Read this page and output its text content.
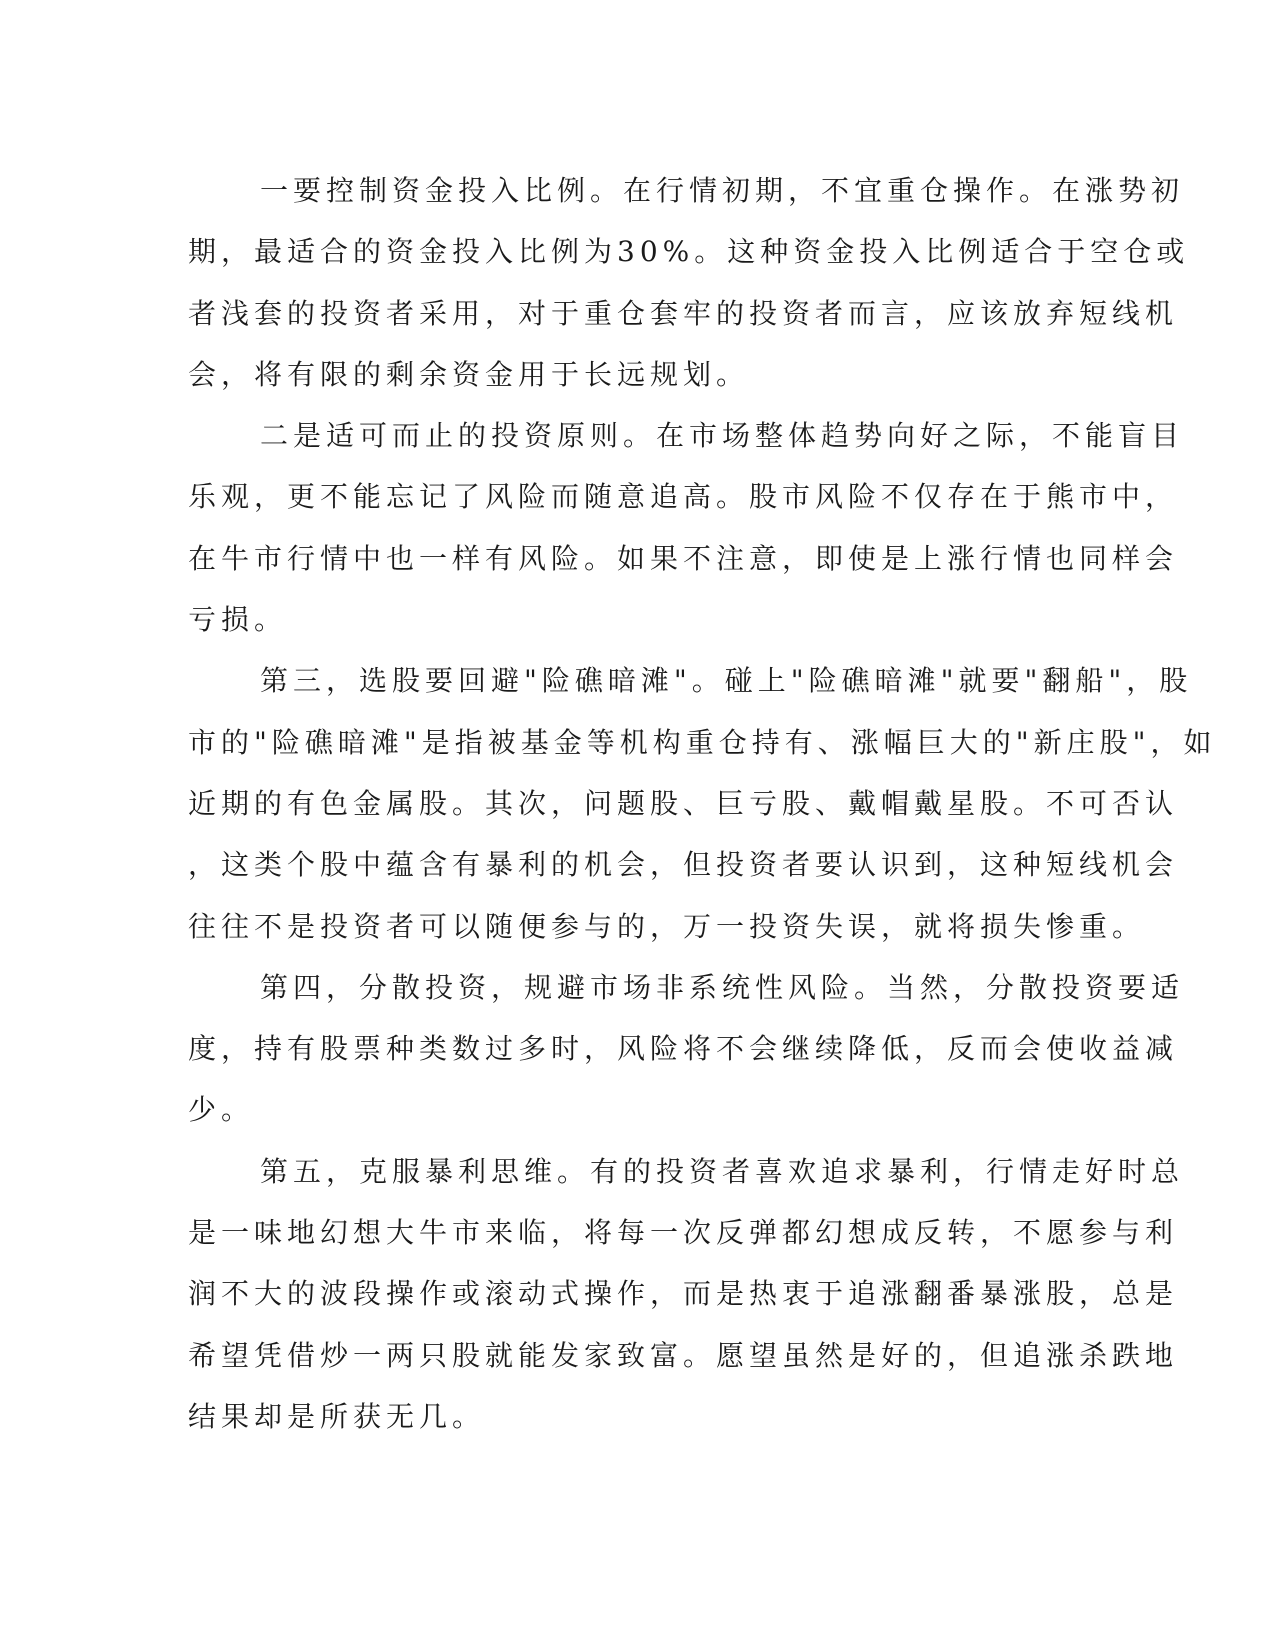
一要控制资金投入比例。在行情初期，不宜重仓操作。在涨势初
期，最适合的资金投入比例为30%。这种资金投入比例适合于空仓或
者浅套的投资者采用，对于重仓套牢的投资者而言，应该放弃短线机
会，将有限的剩余资金用于长远规划。
二是适可而止的投资原则。在市场整体趋势向好之际，不能盲目
乐观，更不能忘记了风险而随意追高。股市风险不仅存在于熊市中，
在牛市行情中也一样有风险。如果不注意，即使是上涨行情也同样会
亏损。
第三，选股要回避"险礁暗滩"。碰上"险礁暗滩"就要"翻船"，股
市的"险礁暗滩"是指被基金等机构重仓持有、涨幅巨大的"新庄股"，如
近期的有色金属股。其次，问题股、巨亏股、戴帽戴星股。不可否认
，这类个股中蕴含有暴利的机会，但投资者要认识到，这种短线机会
往往不是投资者可以随便参与的，万一投资失误，就将损失惨重。
第四，分散投资，规避市场非系统性风险。当然，分散投资要适
度，持有股票种类数过多时，风险将不会继续降低，反而会使收益减
少。
第五，克服暴利思维。有的投资者喜欢追求暴利，行情走好时总
是一味地幻想大牛市来临，将每一次反弹都幻想成反转，不愿参与利
润不大的波段操作或滚动式操作，而是热衷于追涨翻番暴涨股，总是
希望凭借炒一两只股就能发家致富。愿望虽然是好的，但追涨杀跌地
结果却是所获无几。
